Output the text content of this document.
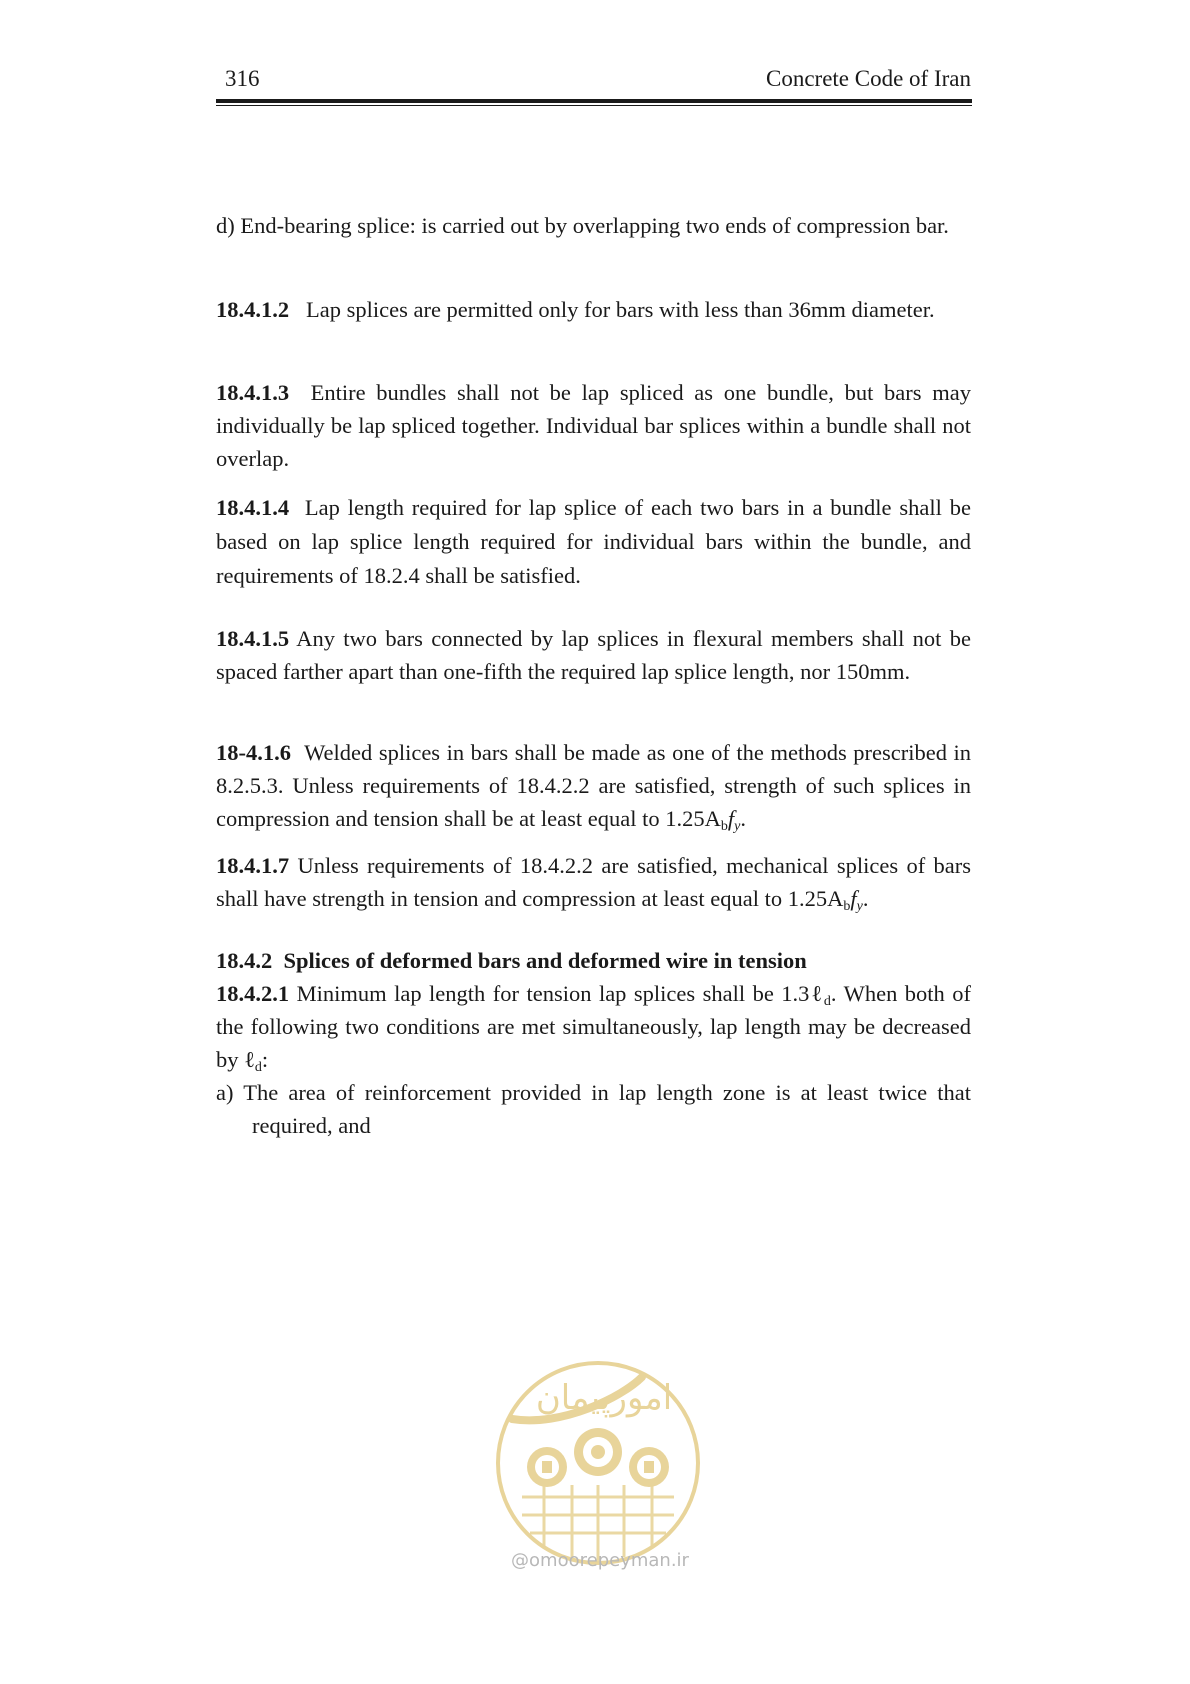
316	Concrete Code of Iran

d) End-bearing splice: is carried out by overlapping two ends of compression bar.

18.4.1.2 Lap splices are permitted only for bars with less than 36mm diameter.

18.4.1.3 Entire bundles shall not be lap spliced as one bundle, but bars may individually be lap spliced together. Individual bar splices within a bundle shall not overlap.

18.4.1.4 Lap length required for lap splice of each two bars in a bundle shall be based on lap splice length required for individual bars within the bundle, and requirements of 18.2.4 shall be satisfied.

18.4.1.5 Any two bars connected by lap splices in flexural members shall not be spaced farther apart than one-fifth the required lap splice length, nor 150mm.

18-4.1.6 Welded splices in bars shall be made as one of the methods prescribed in 8.2.5.3. Unless requirements of 18.4.2.2 are satisfied, strength of such splices in compression and tension shall be at least equal to $1.25A_bf_y$.

18.4.1.7 Unless requirements of 18.4.2.2 are satisfied, mechanical splices of bars shall have strength in tension and compression at least equal to $1.25A_bf_y$.

18.4.2  Splices of deformed bars and deformed wire in tension

18.4.2.1 Minimum lap length for tension lap splices shall be 1.3ℓ$_d$. When both of the following two conditions are met simultaneously, lap length may be decreased by ℓ$_d$:

a) The area of reinforcement provided in lap length zone is at least twice that required, and

امورپیمان
@omoorepeyman.ir
